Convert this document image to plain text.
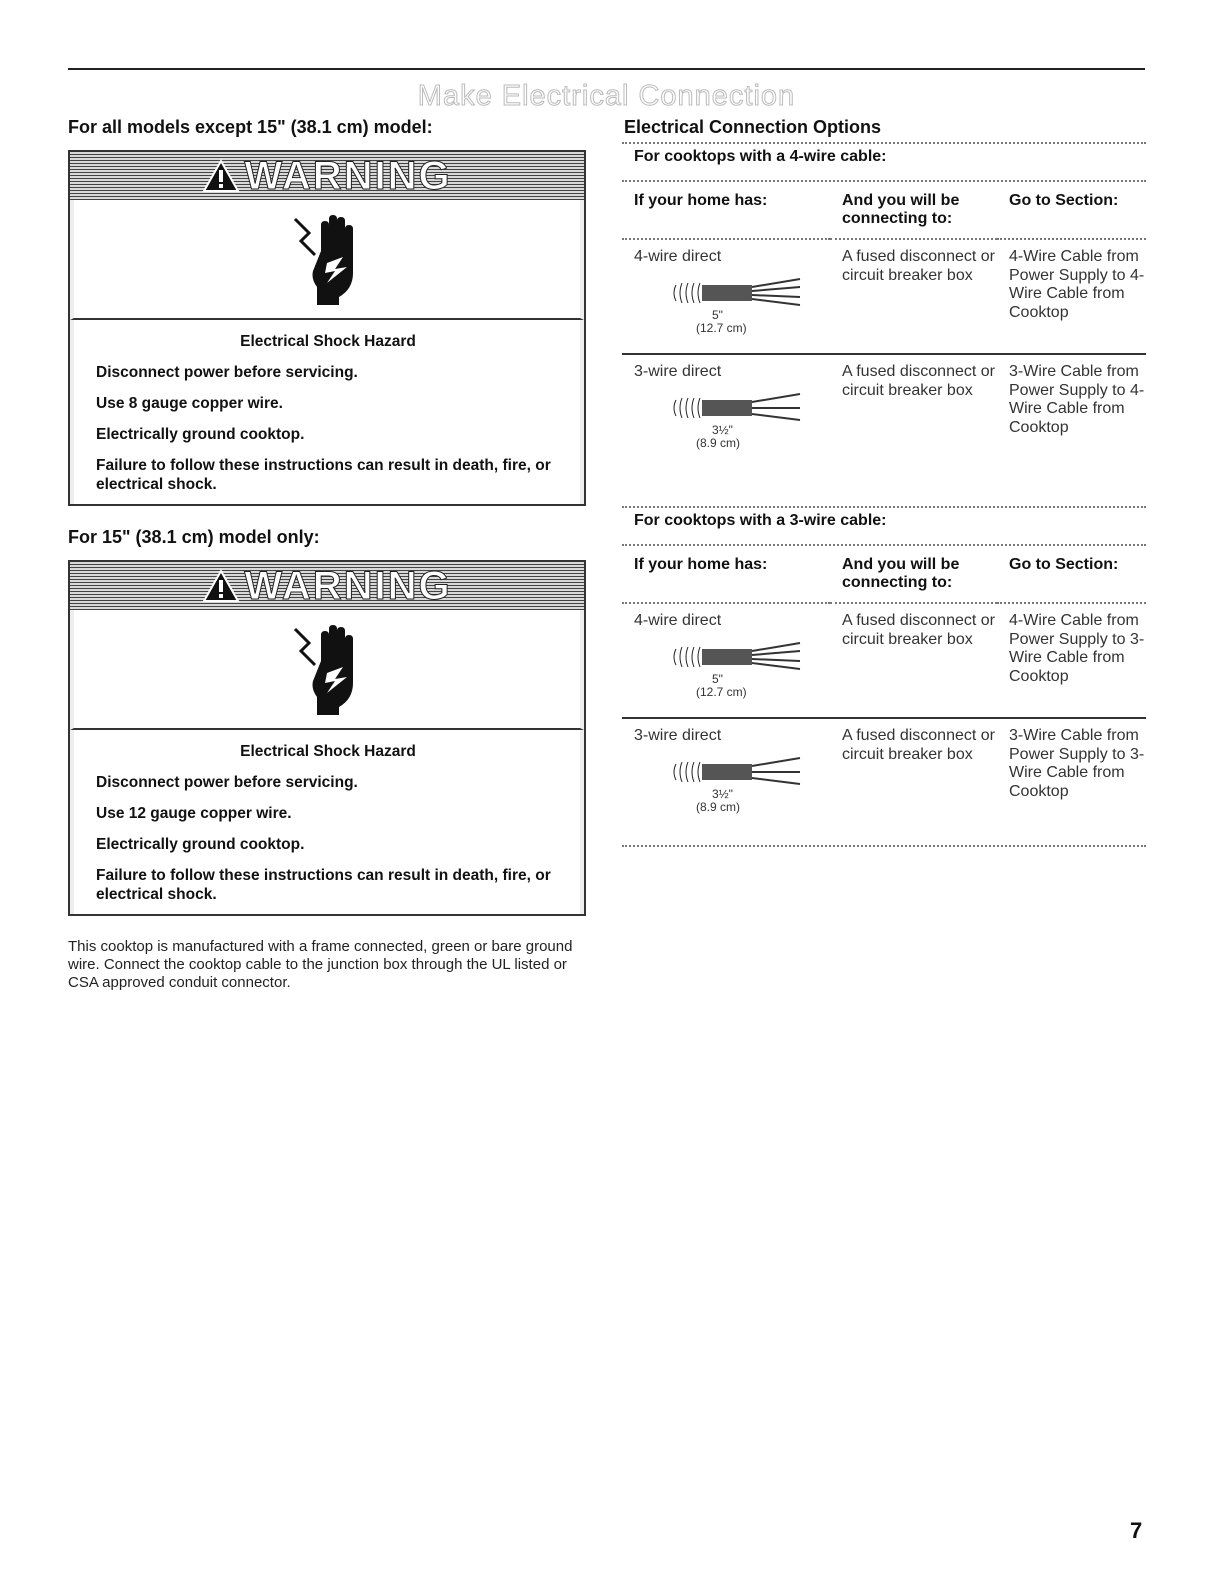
Make Electrical Connection
For all models except 15" (38.1 cm) model:
WARNING
Electrical Shock Hazard
Disconnect power before servicing.
Use 8 gauge copper wire.
Electrically ground cooktop.
Failure to follow these instructions can result in death, fire, or electrical shock.
For 15" (38.1 cm) model only:
WARNING
Electrical Shock Hazard
Disconnect power before servicing.
Use 12 gauge copper wire.
Electrically ground cooktop.
Failure to follow these instructions can result in death, fire, or electrical shock.
This cooktop is manufactured with a frame connected, green or bare ground wire. Connect the cooktop cable to the junction box through the UL listed or CSA approved conduit connector.
Electrical Connection Options
For cooktops with a 4-wire cable:
If your home has:	And you will be connecting to:	Go to Section:

4-wire direct
5"
(12.7 cm)	A fused disconnect or circuit breaker box	4-Wire Cable from Power Supply to 4-Wire Cable from Cooktop

3-wire direct
3½"
(8.9 cm)	A fused disconnect or circuit breaker box	3-Wire Cable from Power Supply to 4-Wire Cable from Cooktop
For cooktops with a 3-wire cable:
If your home has:	And you will be connecting to:	Go to Section:

4-wire direct
5"
(12.7 cm)	A fused disconnect or circuit breaker box	4-Wire Cable from Power Supply to 3-Wire Cable from Cooktop

3-wire direct
3½"
(8.9 cm)	A fused disconnect or circuit breaker box	3-Wire Cable from Power Supply to 3-Wire Cable from Cooktop
7
